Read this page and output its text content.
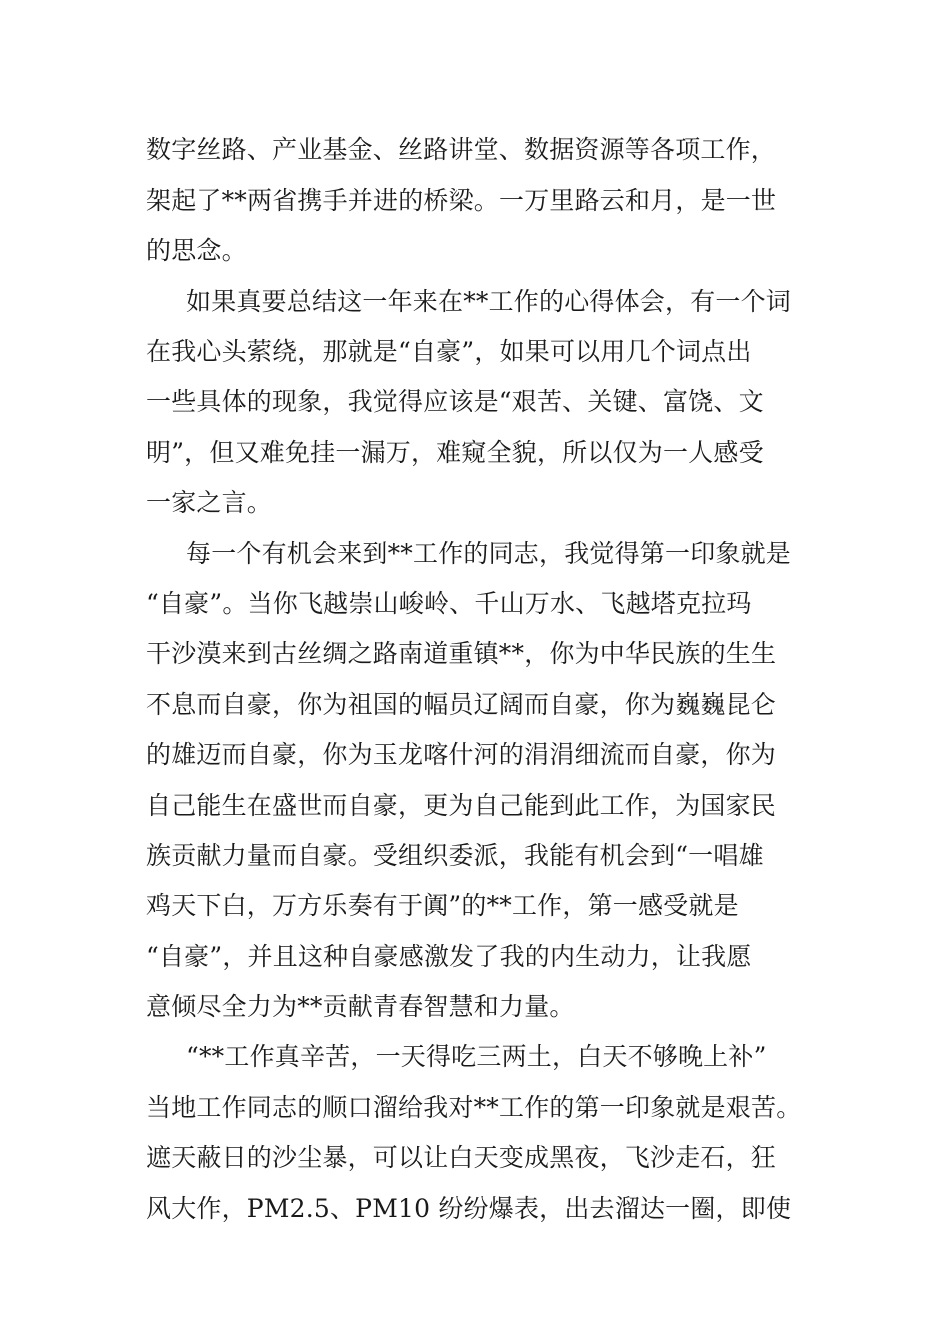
数字丝路、产业基金、丝路讲堂、数据资源等各项工作，
架起了**两省携手并进的桥梁。一万里路云和月，是一世
的思念。
如果真要总结这一年来在**工作的心得体会，有一个词
在我心头萦绕，那就是“自豪”，如果可以用几个词点出
一些具体的现象，我觉得应该是“艰苦、关键、富饶、文
明”，但又难免挂一漏万，难窥全貌，所以仅为一人感受
一家之言。
每一个有机会来到**工作的同志，我觉得第一印象就是
“自豪”。当你飞越崇山峻岭、千山万水、飞越塔克拉玛
干沙漠来到古丝绸之路南道重镇**，你为中华民族的生生
不息而自豪，你为祖国的幅员辽阔而自豪，你为巍巍昆仑
的雄迈而自豪，你为玉龙喀什河的涓涓细流而自豪，你为
自己能生在盛世而自豪，更为自己能到此工作，为国家民
族贡献力量而自豪。受组织委派，我能有机会到“一唱雄
鸡天下白，万方乐奏有于阗”的**工作，第一感受就是
“自豪”，并且这种自豪感激发了我的内生动力，让我愿
意倾尽全力为**贡献青春智慧和力量。
“**工作真辛苦，一天得吃三两土，白天不够晚上补”
当地工作同志的顺口溜给我对**工作的第一印象就是艰苦。
遮天蔽日的沙尘暴，可以让白天变成黑夜，飞沙走石，狂
风大作，PM2.5、PM10 纷纷爆表，出去溜达一圈，即使
